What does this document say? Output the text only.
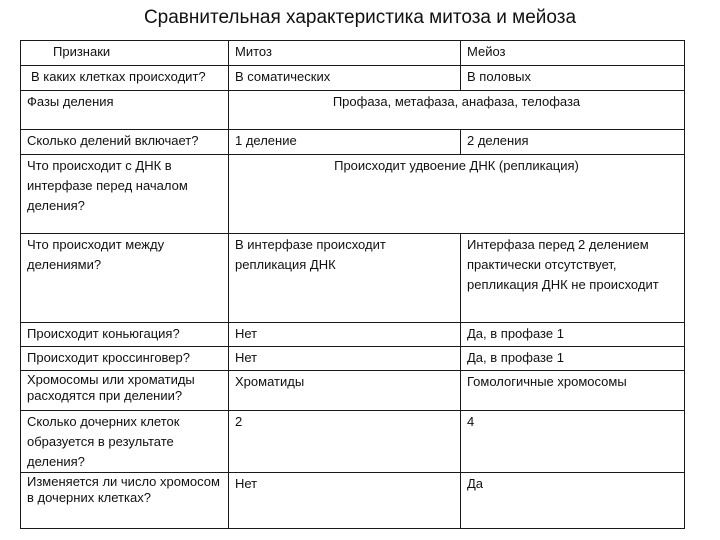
Сравнительная характеристика митоза и мейоза
Признаки	Митоз	Мейоз
В каких клетках происходит?	В соматических	В половых
Фазы деления	Профаза, метафаза, анафаза, телофаза	
Сколько делений включает?	1 деление	2 деления
Что происходит с ДНК в интерфазе перед началом деления?	Происходит удвоение ДНК (репликация)	
Что происходит между делениями?	В интерфазе происходит репликация ДНК	Интерфаза перед 2 делением практически отсутствует, репликация ДНК не происходит
Происходит коньюгация?	Нет	Да, в профазе 1
Происходит кроссинговер?	Нет	Да, в профазе 1
Хромосомы или хроматиды расходятся при делении?	Хроматиды	Гомологичные хромосомы
Сколько дочерних клеток образуется в результате деления?	2	4
Изменяется ли число хромосом в дочерних клетках?	Нет	Да
